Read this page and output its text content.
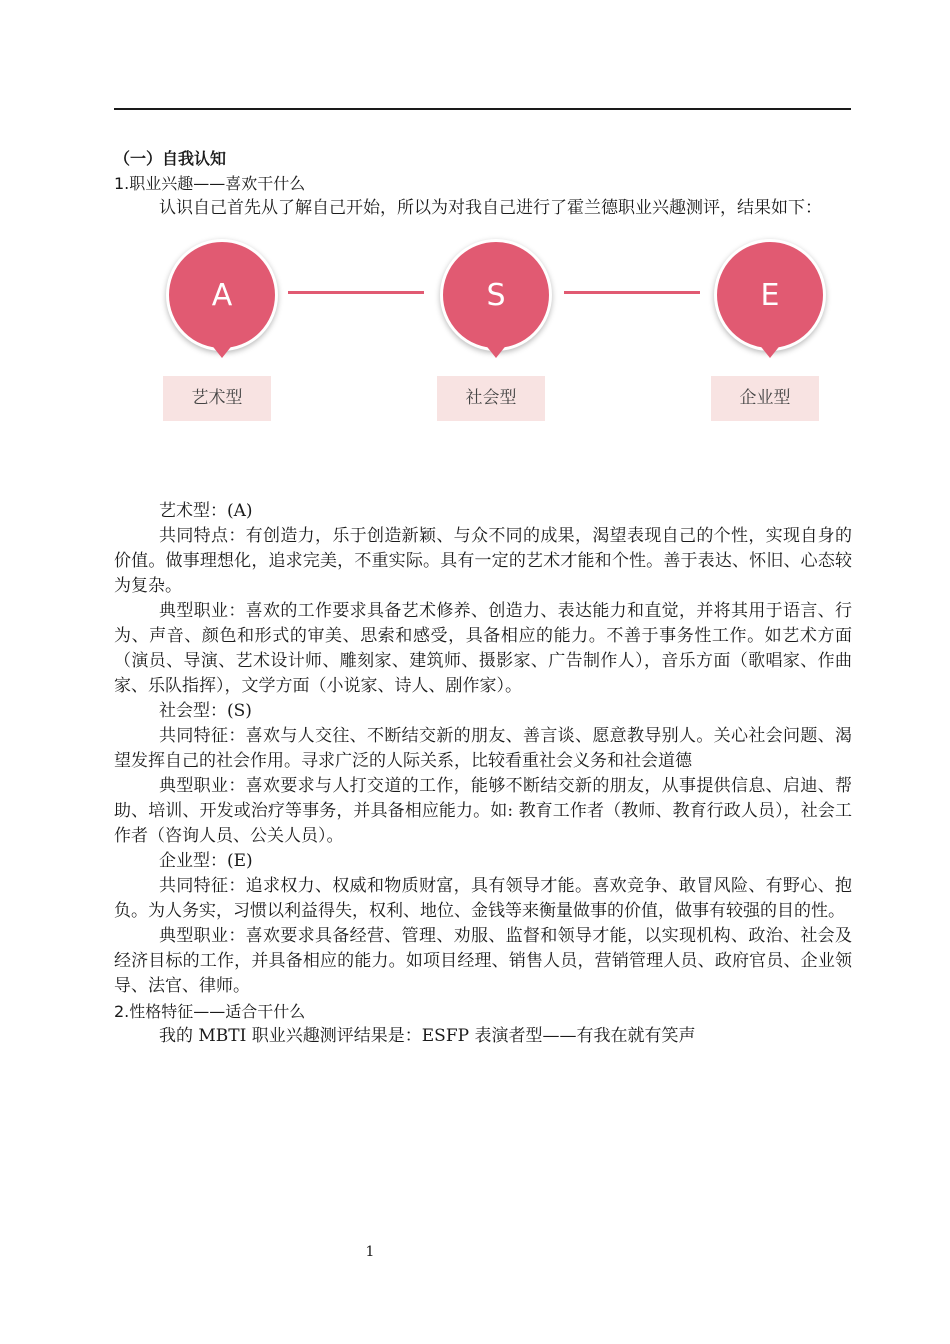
（一）自我认知

1.职业兴趣——喜欢干什么

认识自己首先从了解自己开始，所以为对我自己进行了霍兰德职业兴趣测评，结果如下：

A
艺术型
S
社会型
E
企业型

艺术型：(A)

共同特点：有创造力，乐于创造新颖、与众不同的成果，渴望表现自己的个性，实现自身的价值。做事理想化，追求完美，不重实际。具有一定的艺术才能和个性。善于表达、怀旧、心态较为复杂。

典型职业：喜欢的工作要求具备艺术修养、创造力、表达能力和直觉，并将其用于语言、行为、声音、颜色和形式的审美、思索和感受，具备相应的能力。不善于事务性工作。如艺术方面（演员、导演、艺术设计师、雕刻家、建筑师、摄影家、广告制作人），音乐方面（歌唱家、作曲家、乐队指挥），文学方面（小说家、诗人、剧作家）。

社会型：(S)

共同特征：喜欢与人交往、不断结交新的朋友、善言谈、愿意教导别人。关心社会问题、渴望发挥自己的社会作用。寻求广泛的人际关系，比较看重社会义务和社会道德

典型职业：喜欢要求与人打交道的工作，能够不断结交新的朋友，从事提供信息、启迪、帮助、培训、开发或治疗等事务，并具备相应能力。如: 教育工作者（教师、教育行政人员），社会工作者（咨询人员、公关人员）。

企业型：(E)

共同特征：追求权力、权威和物质财富，具有领导才能。喜欢竞争、敢冒风险、有野心、抱负。为人务实，习惯以利益得失，权利、地位、金钱等来衡量做事的价值，做事有较强的目的性。

典型职业：喜欢要求具备经营、管理、劝服、监督和领导才能，以实现机构、政治、社会及经济目标的工作，并具备相应的能力。如项目经理、销售人员，营销管理人员、政府官员、企业领导、法官、律师。

2.性格特征——适合干什么

我的 MBTI 职业兴趣测评结果是：ESFP 表演者型——有我在就有笑声

1
